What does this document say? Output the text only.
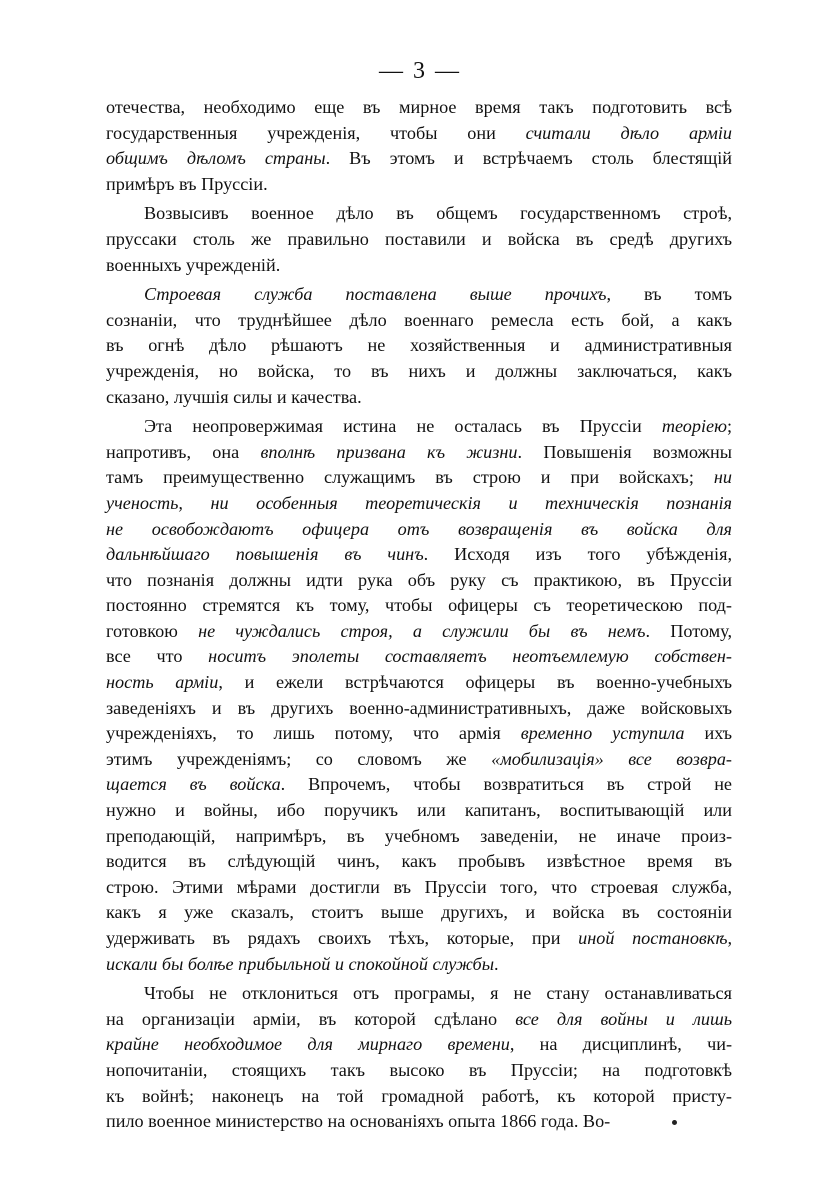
— 3 —
отечества, необходимо еще въ мирное время такъ подготовить всѣ
государственныя учрежденія, чтобы они считали дѣло арміи
общимъ дѣломъ страны. Въ этомъ и встрѣчаемъ столь блестящій
примѣръ въ Пруссіи.
Возвысивъ военное дѣло въ общемъ государственномъ строѣ,
пруссаки столь же правильно поставили и войска въ средѣ другихъ
военныхъ учрежденій.
Строевая служба поставлена выше прочихъ, въ томъ
сознаніи, что труднѣйшее дѣло военнаго ремесла есть бой, а какъ
въ огнѣ дѣло рѣшаютъ не хозяйственныя и административныя
учрежденія, но войска, то въ нихъ и должны заключаться, какъ
сказано, лучшія силы и качества.
Эта неопровержимая истина не осталась въ Пруссіи теоріею;
напротивъ, она вполнѣ призвана къ жизни. Повышенія возможны
тамъ преимущественно служащимъ въ строю и при войскахъ; ни
ученость, ни особенныя теоретическія и техническія познанія
не освобождаютъ офицера отъ возвращенія въ войска для
дальнѣйшаго повышенія въ чинъ. Исходя изъ того убѣжденія,
что познанія должны идти рука объ руку съ практикою, въ Пруссіи
постоянно стремятся къ тому, чтобы офицеры съ теоретическою под-
готовкою не чуждались строя, а служили бы въ немъ. Потому,
все что носитъ эполеты составляетъ неотъемлемую собствен-
ность арміи, и ежели встрѣчаются офицеры въ военно-учебныхъ
заведеніяхъ и въ другихъ военно-административныхъ, даже войсковыхъ
учрежденіяхъ, то лишь потому, что армія временно уступила ихъ
этимъ учрежденіямъ; со словомъ же «мобилизація» все возвра-
щается въ войска. Впрочемъ, чтобы возвратиться въ строй не
нужно и войны, ибо поручикъ или капитанъ, воспитывающій или
преподающій, напримѣръ, въ учебномъ заведеніи, не иначе произ-
водится въ слѣдующій чинъ, какъ пробывъ извѣстное время въ
строю. Этими мѣрами достигли въ Пруссіи того, что строевая служба,
какъ я уже сказалъ, стоитъ выше другихъ, и войска въ состояніи
удерживать въ рядахъ своихъ тѣхъ, которые, при иной постановкѣ,
искали бы болѣе прибыльной и спокойной службы.
Чтобы не отклониться отъ програмы, я не стану останавливаться
на организаціи арміи, въ которой сдѣлано все для войны и лишь
крайне необходимое для мирнаго времени, на дисциплинѣ, чи-
нопочитаніи, стоящихъ такъ высоко въ Пруссіи; на подготовкѣ
къ войнѣ; наконецъ на той громадной работѣ, къ которой присту-
пило военное министерство на основаніяхъ опыта 1866 года. Во-
